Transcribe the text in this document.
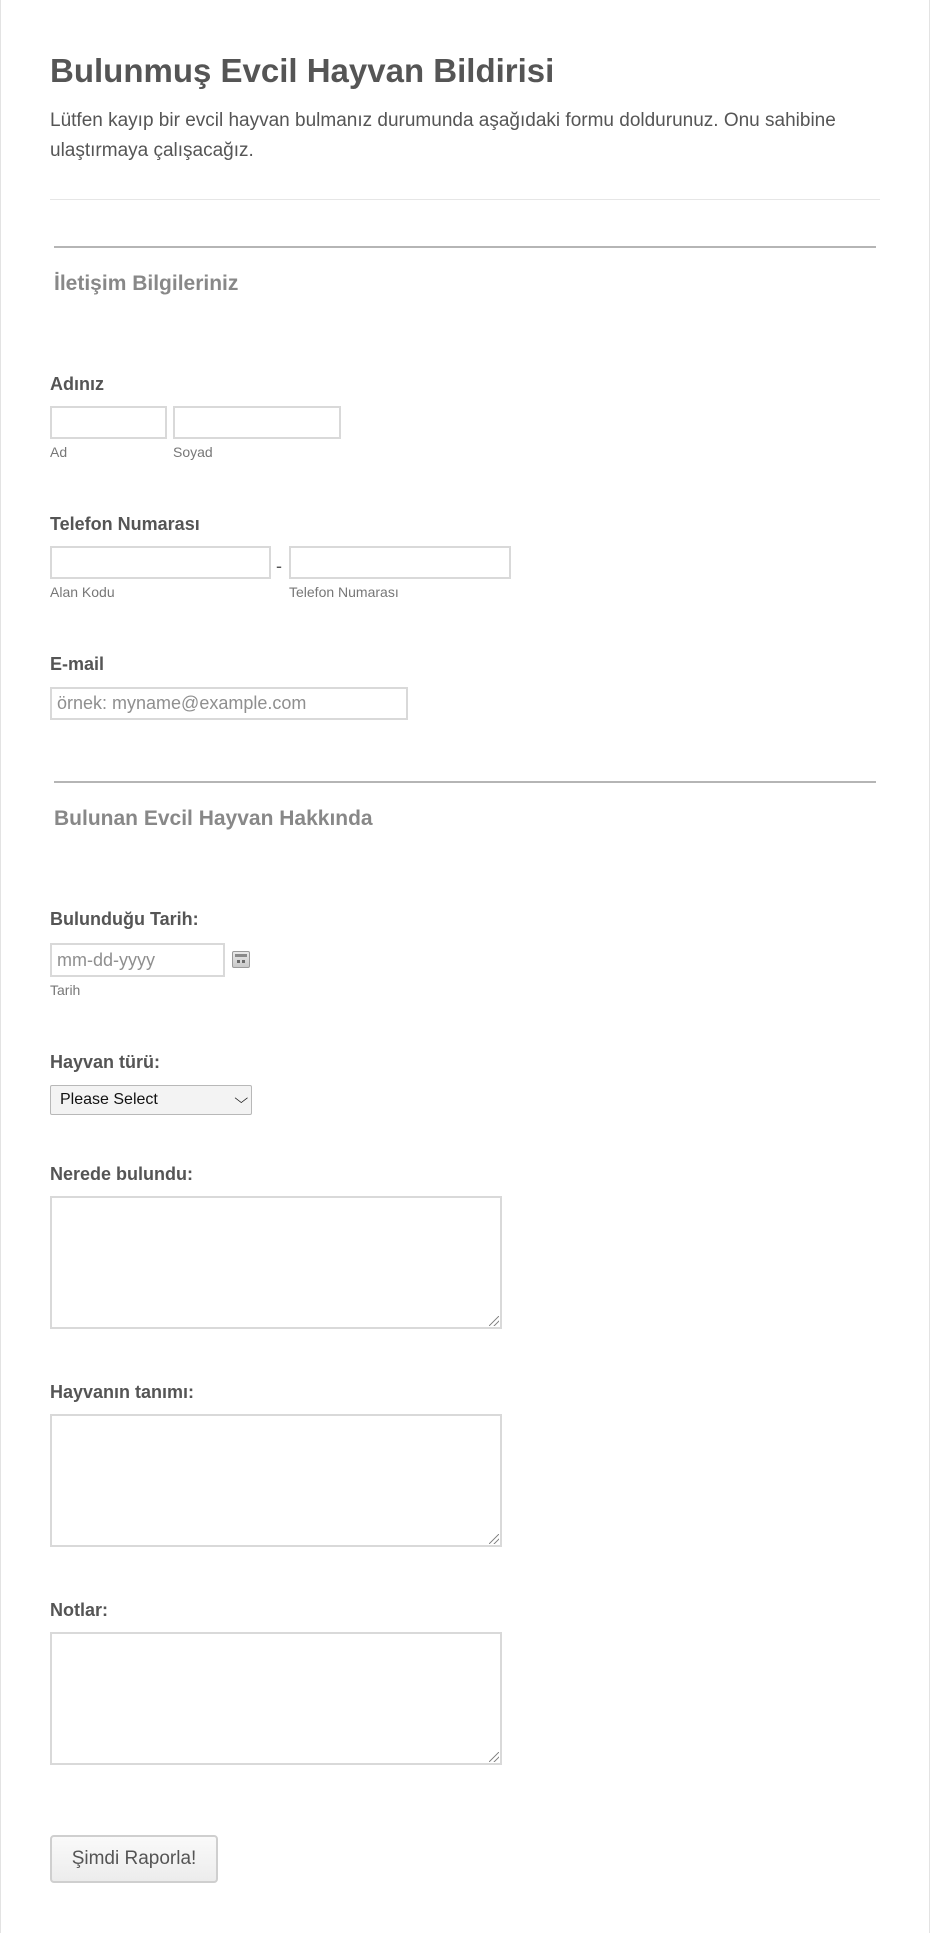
Bulunmuş Evcil Hayvan Bildirisi

Lütfen kayıp bir evcil hayvan bulmanız durumunda aşağıdaki formu doldurunuz. Onu sahibine ulaştırmaya çalışacağız.

İletişim Bilgileriniz
Adınız
Ad	Soyad
Telefon Numarası
-
Alan Kodu	Telefon Numarası
E-mail
örnek: myname@example.com
Bulunan Evcil Hayvan Hakkında
Bulunduğu Tarih:
mm-dd-yyyy
Tarih
Hayvan türü:
Please Select	⌵
Nerede bulundu:
Hayvanın tanımı:
Notlar:
Şimdi Raporla!
